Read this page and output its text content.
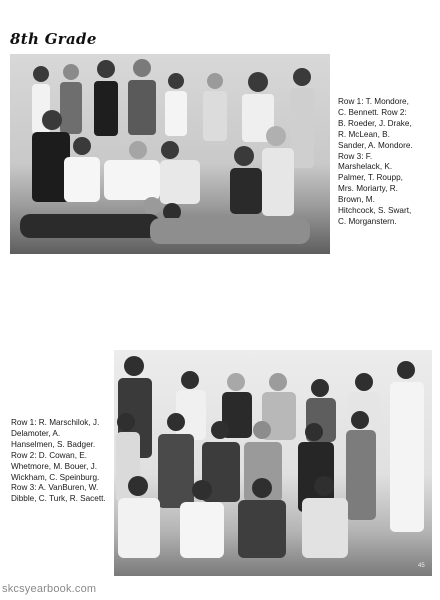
8th Grade
Row 1: T. Mondore,
C. Bennett. Row 2:
B. Roeder, J. Drake,
R. McLean, B.
Sander, A. Mondore.
Row 3: F.
Marshelack, K.
Palmer, T. Roupp,
Mrs. Moriarty, R.
Brown, M.
Hitchcock, S. Swart,
C. Morganstern.
Row 1: R. Marschilok, J.
Delamoter, A.
Hanselmen, S. Badger.
Row 2: D. Cowan, E.
Whetmore, M. Bouer, J.
Wickham, C. Speinburg.
Row 3: A. VanBuren, W.
Dibble, C. Turk, R. Sacett.
45
skcsyearbook.com
